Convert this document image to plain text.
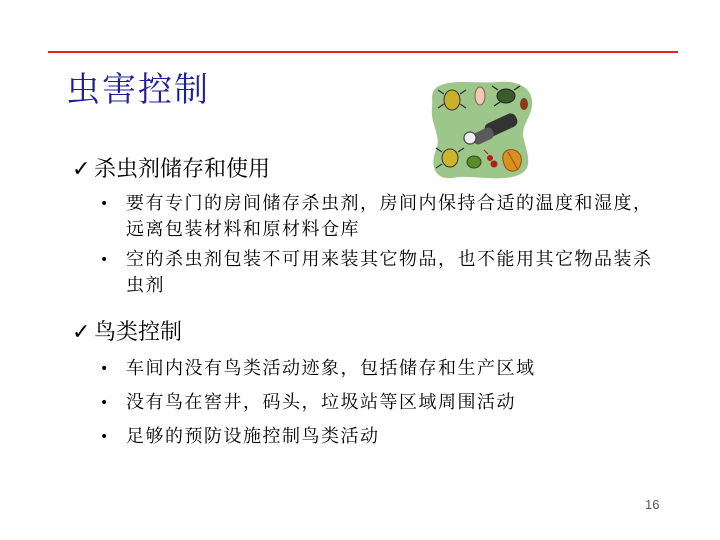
虫害控制
✓ 杀虫剂储存和使用
• 要有专门的房间储存杀虫剂，房间内保持合适的温度和湿度，远离包装材料和原材料仓库
• 空的杀虫剂包装不可用来装其它物品，也不能用其它物品装杀虫剂
✓ 鸟类控制
• 车间内没有鸟类活动迹象，包括储存和生产区域
• 没有鸟在窖井，码头，垃圾站等区域周围活动
• 足够的预防设施控制鸟类活动
16
